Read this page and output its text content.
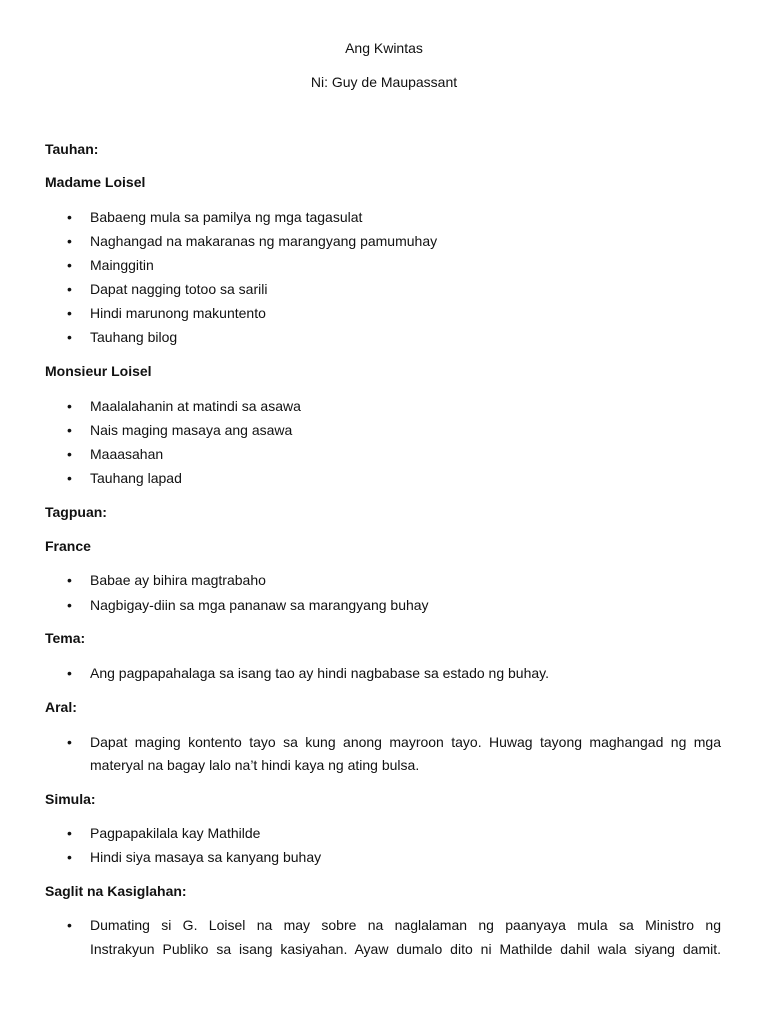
Ang Kwintas
Ni: Guy de Maupassant
Tauhan:
Madame Loisel
• Babaeng mula sa pamilya ng mga tagasulat
• Naghangad na makaranas ng marangyang pamumuhay
• Mainggitin
• Dapat nagging totoo sa sarili
• Hindi marunong makuntento
• Tauhang bilog
Monsieur Loisel
• Maalalahanin at matindi sa asawa
• Nais maging masaya ang asawa
• Maaasahan
• Tauhang lapad
Tagpuan:
France
• Babae ay bihira magtrabaho
• Nagbigay-diin sa mga pananaw sa marangyang buhay
Tema:
• Ang pagpapahalaga sa isang tao ay hindi nagbabase sa estado ng buhay.
Aral:
• Dapat maging kontento tayo sa kung anong mayroon tayo. Huwag tayong maghangad ng mga
materyal na bagay lalo na’t hindi kaya ng ating bulsa.
Simula:
• Pagpapakilala kay Mathilde
• Hindi siya masaya sa kanyang buhay
Saglit na Kasiglahan:
• Dumating si G. Loisel na may sobre na naglalaman ng paanyaya mula sa Ministro ng
Instrakyun Publiko sa isang kasiyahan. Ayaw dumalo dito ni Mathilde dahil wala siyang damit.
